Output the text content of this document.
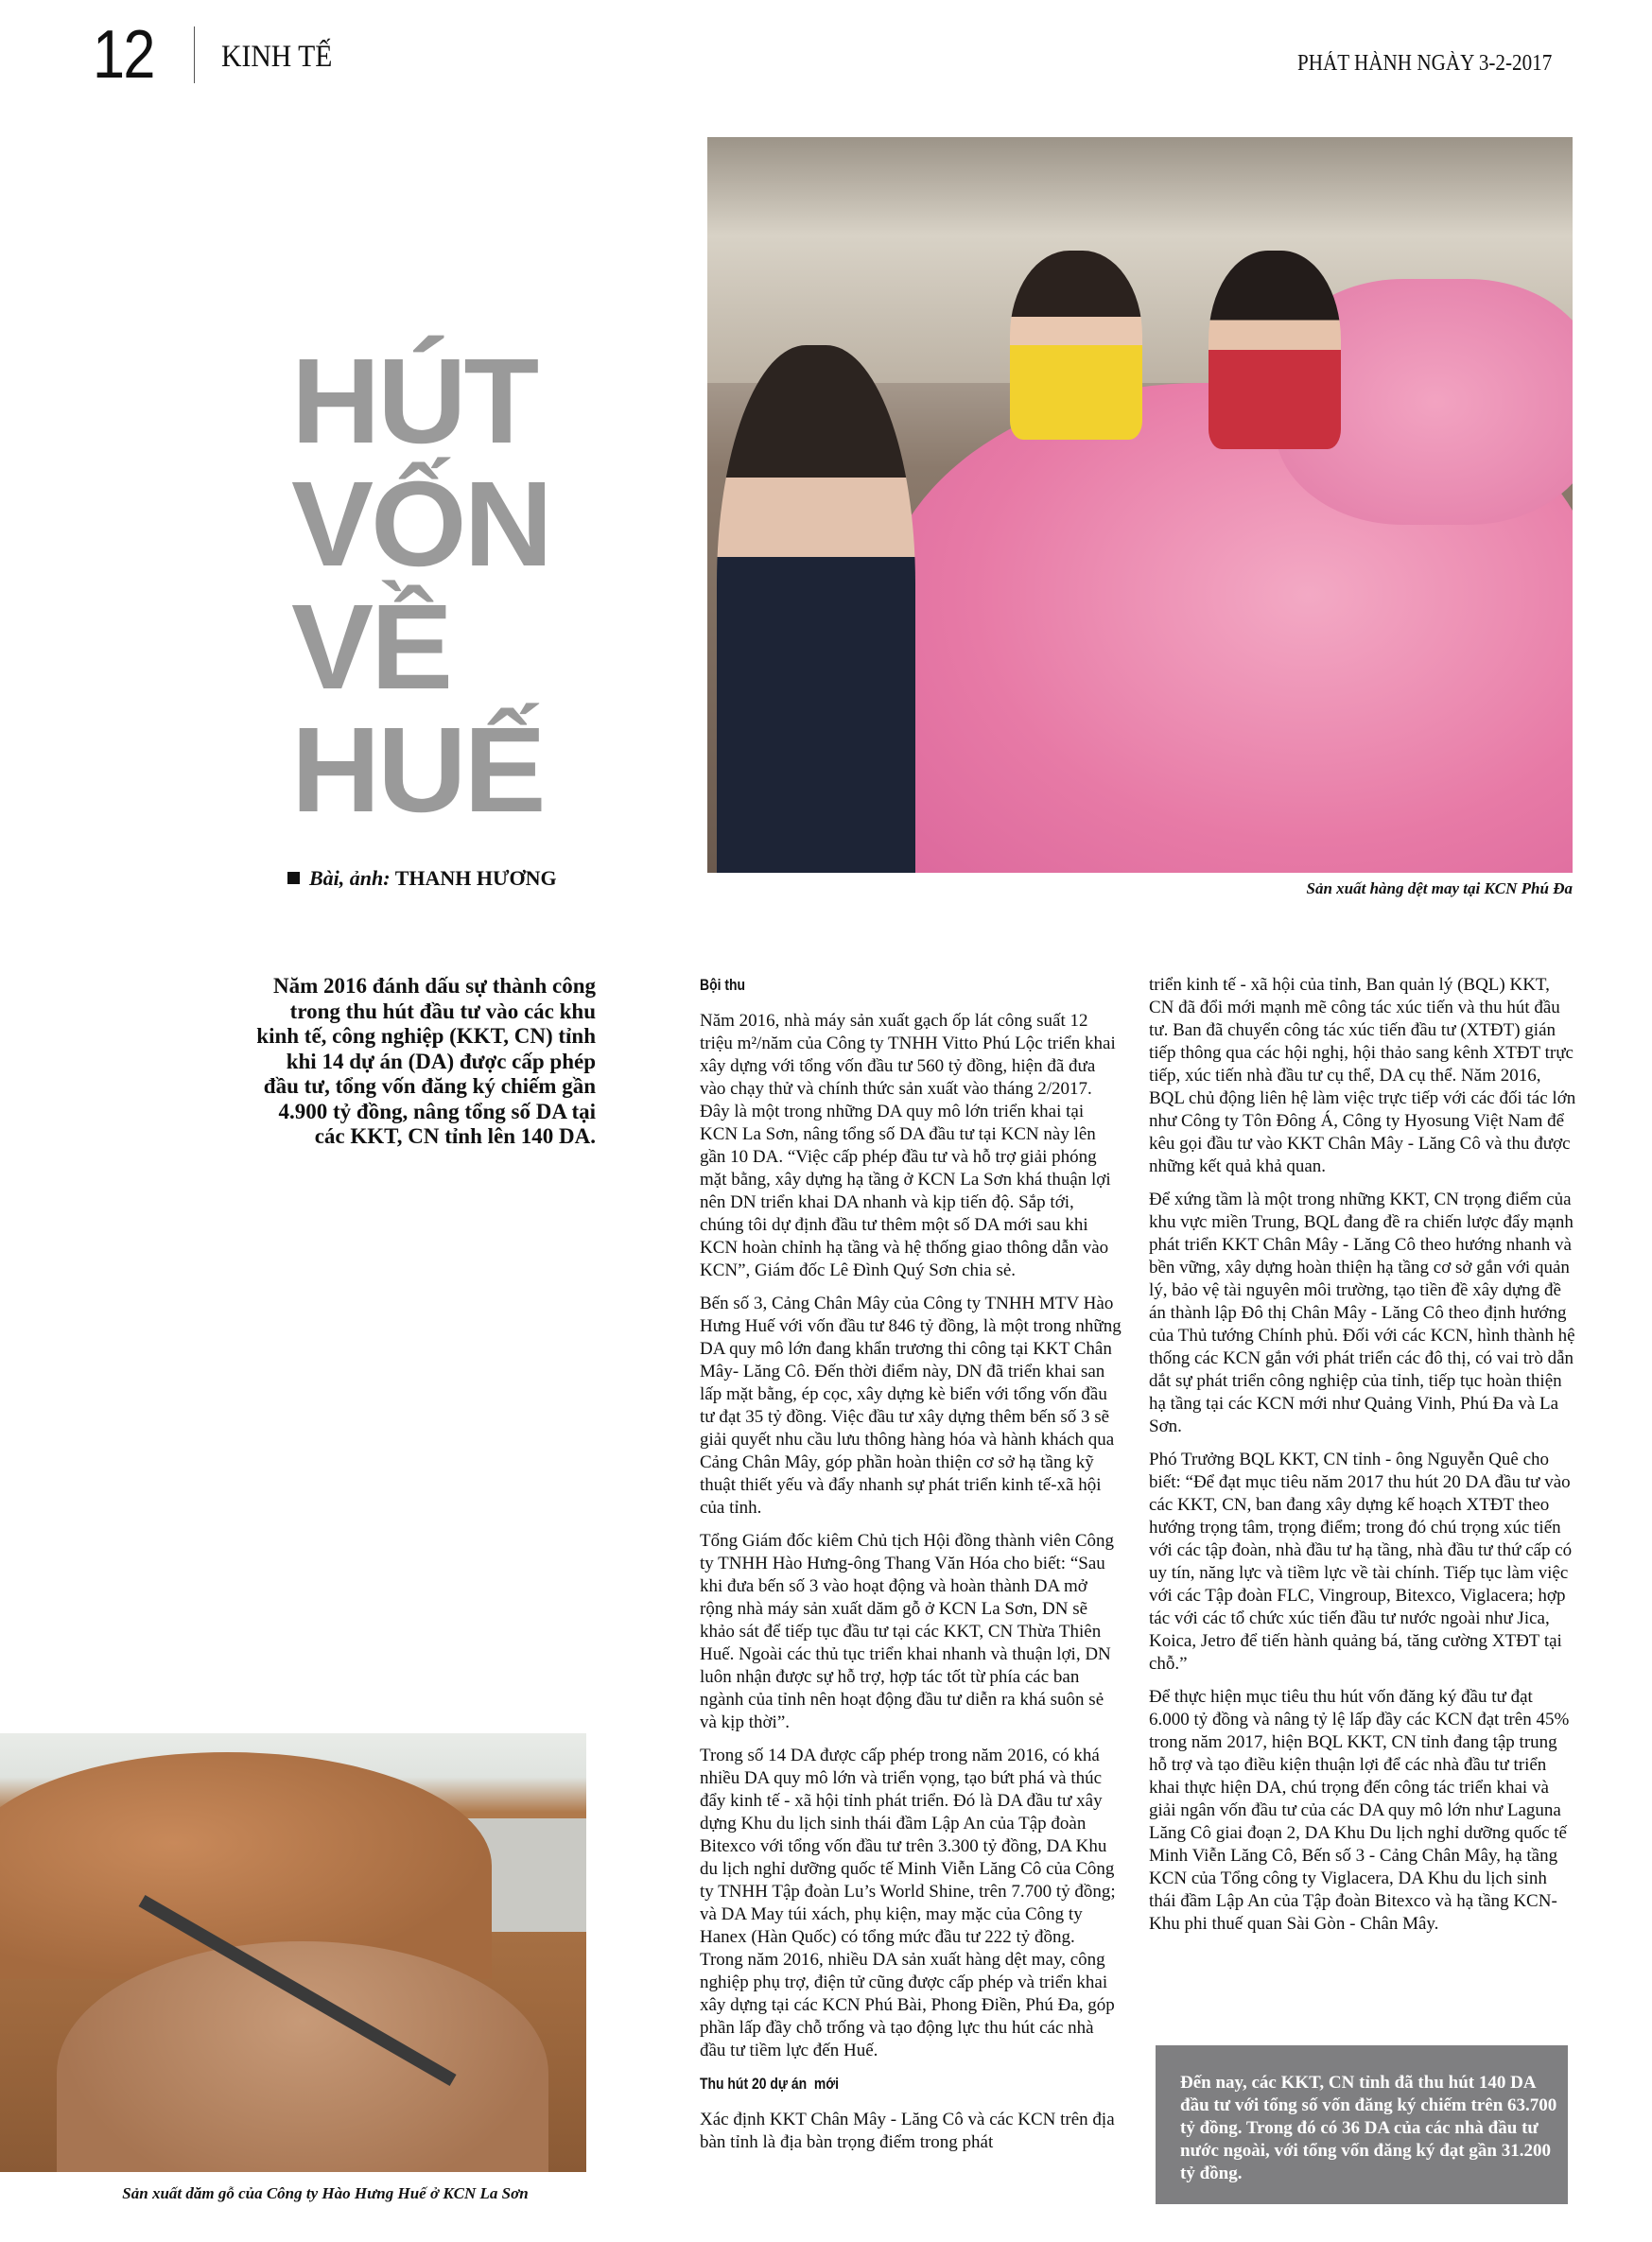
12 KINH TẾ	PHÁT HÀNH NGÀY 3-2-2017
Sản xuất hàng dệt may tại KCN Phú Đa
HÚT
VỐN
VỀ
HUẾ
Bài, ảnh: THANH HƯƠNG
Năm 2016 đánh dấu sự thành công trong thu hút đầu tư vào các khu kinh tế, công nghiệp (KKT, CN) tỉnh khi 14 dự án (DA) được cấp phép đầu tư, tổng vốn đăng ký chiếm gần 4.900 tỷ đồng, nâng tổng số DA tại các KKT, CN tỉnh lên 140 DA.
Sản xuất dăm gỗ của Công ty Hào Hưng Huế ở KCN La Sơn
Bội thu

Năm 2016, nhà máy sản xuất gạch ốp lát công suất 12 triệu m²/năm của Công ty TNHH Vitto Phú Lộc triển khai xây dựng với tổng vốn đầu tư 560 tỷ đồng, hiện đã đưa vào chạy thử và chính thức sản xuất vào tháng 2/2017. Đây là một trong những DA quy mô lớn triển khai tại KCN La Sơn, nâng tổng số DA đầu tư tại KCN này lên gần 10 DA. “Việc cấp phép đầu tư và hỗ trợ giải phóng mặt bằng, xây dựng hạ tầng ở KCN La Sơn khá thuận lợi nên DN triển khai DA nhanh và kịp tiến độ. Sắp tới, chúng tôi dự định đầu tư thêm một số DA mới sau khi KCN hoàn chỉnh hạ tầng và hệ thống giao thông dẫn vào KCN”, Giám đốc Lê Đình Quý Sơn chia sẻ.

Bến số 3, Cảng Chân Mây của Công ty TNHH MTV Hào Hưng Huế với vốn đầu tư 846 tỷ đồng, là một trong những DA quy mô lớn đang khẩn trương thi công tại KKT Chân Mây- Lăng Cô. Đến thời điểm này, DN đã triển khai san lấp mặt bằng, ép cọc, xây dựng kè biển với tổng vốn đầu tư đạt 35 tỷ đồng. Việc đầu tư xây dựng thêm bến số 3 sẽ giải quyết nhu cầu lưu thông hàng hóa và hành khách qua Cảng Chân Mây, góp phần hoàn thiện cơ sở hạ tầng kỹ thuật thiết yếu và đẩy nhanh sự phát triển kinh tế-xã hội của tỉnh.

Tổng Giám đốc kiêm Chủ tịch Hội đồng thành viên Công ty TNHH Hào Hưng-ông Thang Văn Hóa cho biết: “Sau khi đưa bến số 3 vào hoạt động và hoàn thành DA mở rộng nhà máy sản xuất dăm gỗ ở KCN La Sơn, DN sẽ khảo sát để tiếp tục đầu tư tại các KKT, CN Thừa Thiên Huế. Ngoài các thủ tục triển khai nhanh và thuận lợi, DN luôn nhận được sự hỗ trợ, hợp tác tốt từ phía các ban ngành của tỉnh nên hoạt động đầu tư diễn ra khá suôn sẻ và kịp thời”.

Trong số 14 DA được cấp phép trong năm 2016, có khá nhiều DA quy mô lớn và triển vọng, tạo bứt phá và thúc đẩy kinh tế - xã hội tỉnh phát triển. Đó là DA đầu tư xây dựng Khu du lịch sinh thái đầm Lập An của Tập đoàn Bitexco với tổng vốn đầu tư trên 3.300 tỷ đồng, DA Khu du lịch nghỉ dưỡng quốc tế Minh Viễn Lăng Cô của Công ty TNHH Tập đoàn Lu’s World Shine, trên 7.700 tỷ đồng; và DA May túi xách, phụ kiện, may mặc của Công ty Hanex (Hàn Quốc) có tổng mức đầu tư 222 tỷ đồng. Trong năm 2016, nhiều DA sản xuất hàng dệt may, công nghiệp phụ trợ, điện tử cũng được cấp phép và triển khai xây dựng tại các KCN Phú Bài, Phong Điền, Phú Đa, góp phần lấp đầy chỗ trống và tạo động lực thu hút các nhà đầu tư tiềm lực đến Huế.

Thu hút 20 dự án  mới

Xác định KKT Chân Mây - Lăng Cô và các KCN trên địa bàn tỉnh là địa bàn trọng điểm trong phát

triển kinh tế - xã hội của tỉnh, Ban quản lý (BQL) KKT, CN đã đổi mới mạnh mẽ công tác xúc tiến và thu hút đầu tư. Ban đã chuyển công tác xúc tiến đầu tư (XTĐT) gián tiếp thông qua các hội nghị, hội thảo sang kênh XTĐT trực tiếp, xúc tiến nhà đầu tư cụ thể, DA cụ thể. Năm 2016, BQL chủ động liên hệ làm việc trực tiếp với các đối tác lớn như Công ty Tôn Đông Á, Công ty Hyosung Việt Nam để kêu gọi đầu tư vào KKT Chân Mây - Lăng Cô và thu được những kết quả khả quan.

Để xứng tầm là một trong những KKT, CN trọng điểm của khu vực miền Trung, BQL đang đề ra chiến lược đẩy mạnh phát triển KKT Chân Mây - Lăng Cô theo hướng nhanh và bền vững, xây dựng hoàn thiện hạ tầng cơ sở gắn với quản lý, bảo vệ tài nguyên môi trường, tạo tiền đề xây dựng đề án thành lập Đô thị Chân Mây - Lăng Cô theo định hướng của Thủ tướng Chính phủ. Đối với các KCN, hình thành hệ thống các KCN gắn với phát triển các đô thị, có vai trò dẫn dắt sự phát triển công nghiệp của tỉnh, tiếp tục hoàn thiện hạ tầng tại các KCN mới như Quảng Vinh, Phú Đa và La Sơn.

Phó Trưởng BQL KKT, CN tỉnh - ông Nguyễn Quê cho biết: “Để đạt mục tiêu năm 2017 thu hút 20 DA đầu tư vào các KKT, CN, ban đang xây dựng kế hoạch XTĐT theo hướng trọng tâm, trọng điểm; trong đó chú trọng xúc tiến với các tập đoàn, nhà đầu tư hạ tầng, nhà đầu tư thứ cấp có uy tín, năng lực và tiềm lực về tài chính. Tiếp tục làm việc với các Tập đoàn FLC, Vingroup, Bitexco, Viglacera; hợp tác với các tổ chức xúc tiến đầu tư nước ngoài như Jica, Koica, Jetro để tiến hành quảng bá, tăng cường XTĐT tại chỗ.”

Để thực hiện mục tiêu thu hút vốn đăng ký đầu tư đạt 6.000 tỷ đồng và nâng tỷ lệ lấp đầy các KCN đạt trên 45% trong năm 2017, hiện BQL KKT, CN tỉnh đang tập trung hỗ trợ và tạo điều kiện thuận lợi để các nhà đầu tư triển khai thực hiện DA, chú trọng đến công tác triển khai và giải ngân vốn đầu tư của các DA quy mô lớn như Laguna Lăng Cô giai đoạn 2, DA Khu Du lịch nghỉ dưỡng quốc tế Minh Viễn Lăng Cô, Bến số 3 - Cảng Chân Mây, hạ tầng KCN của Tổng công ty Viglacera, DA Khu du lịch sinh thái đầm Lập An của Tập đoàn Bitexco và hạ tầng KCN- Khu phi thuế quan Sài Gòn - Chân Mây.

Đến nay, các KKT, CN tỉnh đã thu hút 140 DA đầu tư với tổng số vốn đăng ký chiếm trên 63.700 tỷ đồng. Trong đó có 36 DA của các nhà đầu tư nước ngoài, với tổng vốn đăng ký đạt gần 31.200 tỷ đồng.
